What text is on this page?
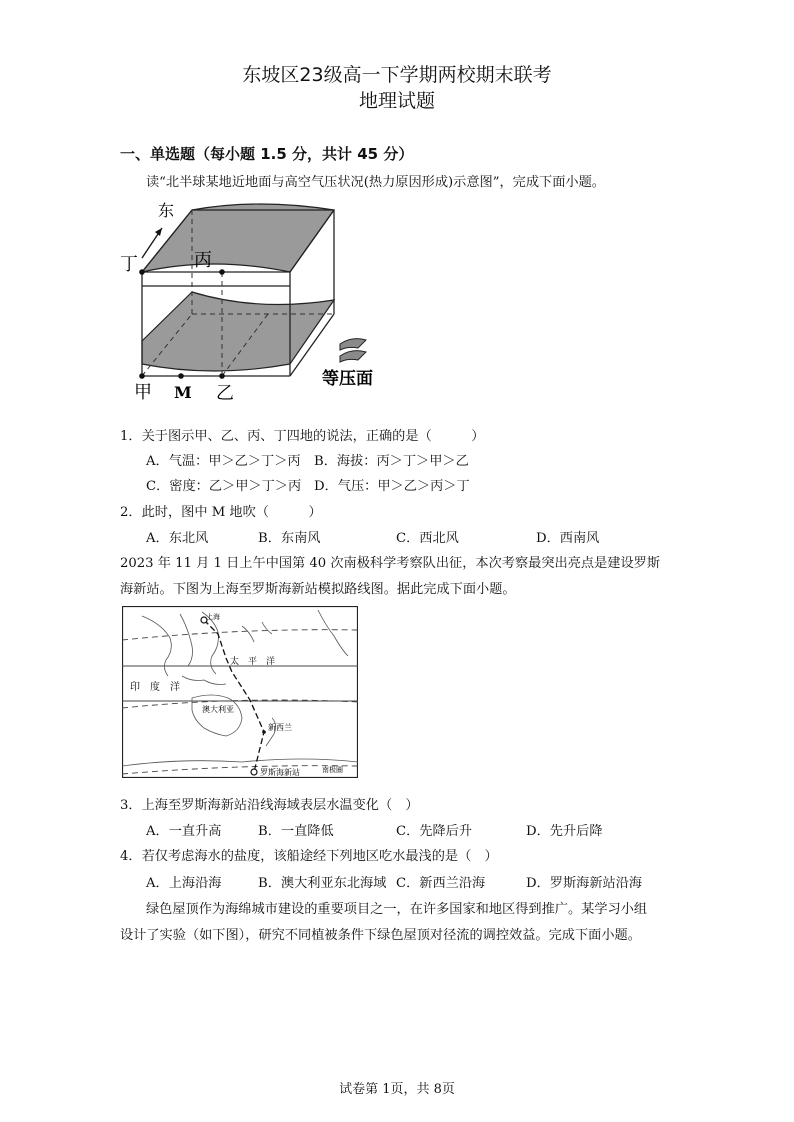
东坡区23级高一下学期两校期末联考
地理试题
一、单选题（每小题 1.5 分，共计 45 分）
读“北半球某地近地面与高空气压状况(热力原因形成)示意图”，完成下面小题。
东
丁	丙
甲 M 乙
等压面
1．关于图示甲、乙、丙、丁四地的说法，正确的是（　　　）
A．气温：甲＞乙＞丁＞丙 B．海拔：丙＞丁＞甲＞乙
C．密度：乙＞甲＞丁＞丙 D．气压：甲＞乙＞丙＞丁
2．此时，图中 M 地吹（　　　）
A．东北风	B．东南风	C．西北风	D．西南风
2023 年 11 月 1 日上午中国第 40 次南极科学考察队出征，本次考察最突出亮点是建设罗斯
海新站。下图为上海至罗斯海新站模拟路线图。据此完成下面小题。
上海
太　平　洋
印　度　洋
澳大利亚
新西兰
罗斯海新站	南极圈
3．上海至罗斯海新站沿线海域表层水温变化（　）
A．一直升高	B．一直降低	C．先降后升	D．先升后降
4．若仅考虑海水的盐度，该船途经下列地区吃水最浅的是（　）
A．上海沿海	B．澳大利亚东北海域 C．新西兰沿海	D．罗斯海新站沿海
绿色屋顶作为海绵城市建设的重要项目之一，在许多国家和地区得到推广。某学习小组
设计了实验（如下图），研究不同植被条件下绿色屋顶对径流的调控效益。完成下面小题。
试卷第 1页，共 8页
